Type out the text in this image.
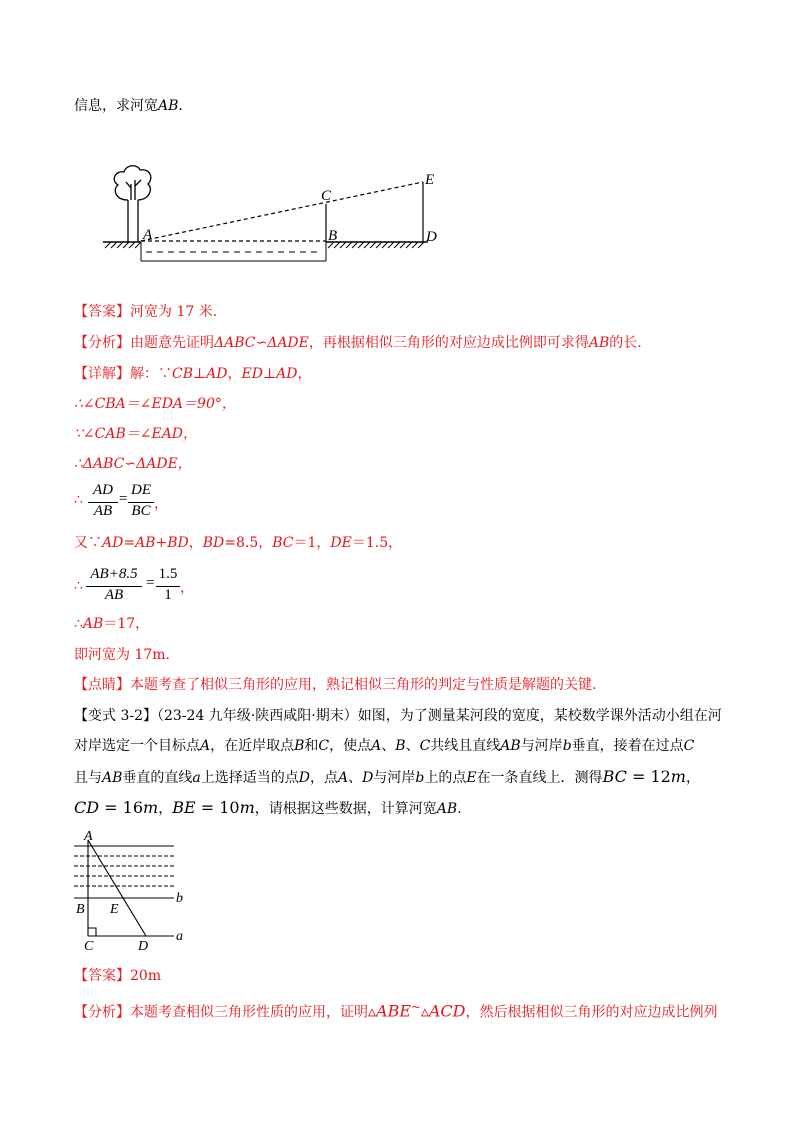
信息，求河宽AB.
A	B
C
D
E
【答案】河宽为 17 米.
【分析】由题意先证明ΔABC∽ΔADE，再根据相似三角形的对应边成比例即可求得AB的长.
【详解】解：∵CB⊥AD，ED⊥AD，
∴∠CBA＝∠EDA＝90°，
∵∠CAB＝∠EAD，
∴ΔABC∽ΔADE，
∴
AD
AB
=
DE
BC ，
又∵AD=AB+BD，BD=8.5，BC＝1，DE＝1.5，
∴
AB+8.5
AB
=
1.5
1 ，
∴AB＝17，
即河宽为 17m.
【点睛】本题考查了相似三角形的应用，熟记相似三角形的判定与性质是解题的关键.
【变式 3-2】（23-24 九年级·陕西咸阳·期末）如图，为了测量某河段的宽度，某校数学课外活动小组在河
对岸选定一个目标点A，在近岸取点B和C，使点A、B、C共线且直线AB与河岸b垂直，接着在过点C
且与AB垂直的直线a上选择适当的点D，点A、D与河岸b上的点E在一条直线上．测得BC = 12m，
CD = 16m，BE = 10m，请根据这些数据，计算河宽AB.
A
B E
b
C	D
a
【答案】20m
【分析】本题考查相似三角形性质的应用，证明▵ABE~▵ACD，然后根据相似三角形的对应边成比例列
